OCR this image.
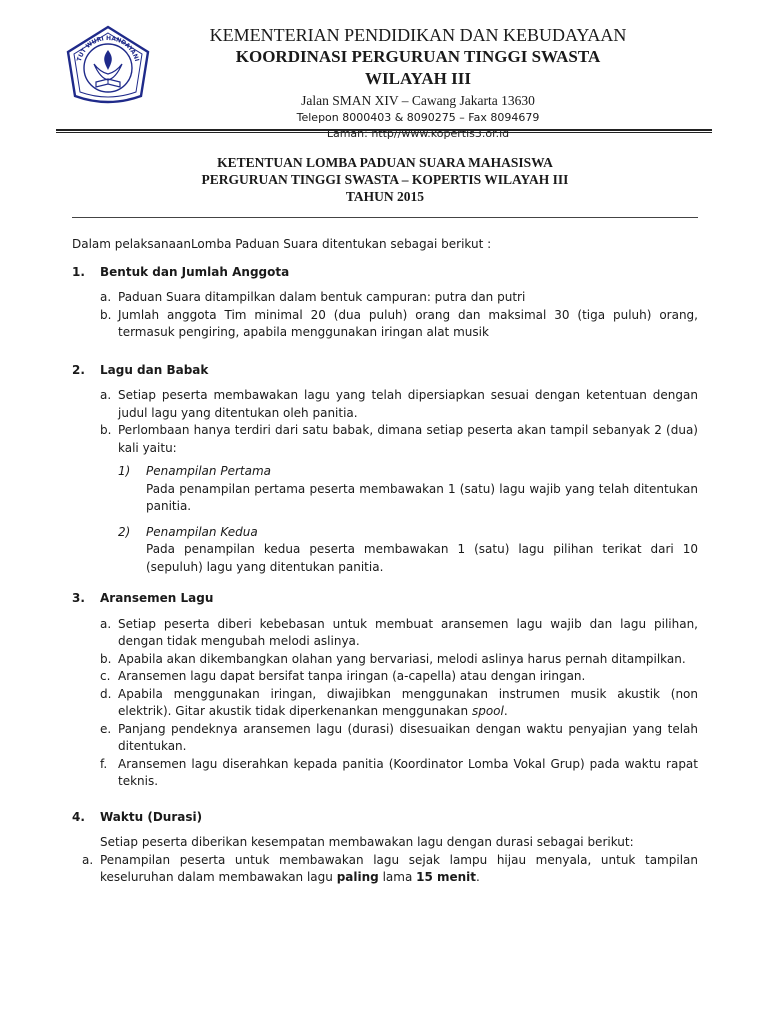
TUT WURI HANDAYANI
KEMENTERIAN PENDIDIKAN DAN KEBUDAYAAN
KOORDINASI PERGURUAN TINGGI SWASTA
WILAYAH III
Jalan SMAN XIV – Cawang Jakarta 13630
Telepon 8000403 & 8090275 – Fax 8094679
Laman: http//www.kopertis3.or.id
KETENTUAN LOMBA PADUAN SUARA MAHASISWA
PERGURUAN TINGGI SWASTA – KOPERTIS WILAYAH III
TAHUN 2015

Dalam pelaksanaanLomba Paduan Suara ditentukan sebagai berikut :

1.	Bentuk dan Jumlah Anggota
a. Paduan Suara ditampilkan dalam bentuk campuran: putra dan putri
b. Jumlah anggota Tim minimal 20 (dua puluh) orang dan maksimal 30 (tiga puluh) orang, termasuk pengiring, apabila menggunakan iringan alat musik
2.	Lagu dan Babak
a. Setiap peserta membawakan lagu yang telah dipersiapkan sesuai dengan ketentuan dengan judul lagu yang ditentukan oleh panitia.
b. Perlombaan hanya terdiri dari satu babak, dimana setiap peserta akan tampil sebanyak 2 (dua) kali yaitu:
1)	Penampilan Pertama
Pada penampilan pertama peserta membawakan 1 (satu) lagu wajib yang telah ditentukan panitia.
2)	Penampilan Kedua
Pada penampilan kedua peserta membawakan 1 (satu) lagu pilihan terikat dari 10 (sepuluh) lagu yang ditentukan panitia.
3.	Aransemen Lagu
a. Setiap peserta diberi kebebasan untuk membuat aransemen lagu wajib dan lagu pilihan, dengan tidak mengubah melodi aslinya.
b. Apabila akan dikembangkan olahan yang bervariasi, melodi aslinya harus pernah ditampilkan.
c. Aransemen lagu dapat bersifat tanpa iringan (a-capella) atau dengan iringan.
d. Apabila menggunakan iringan, diwajibkan menggunakan instrumen musik akustik (non elektrik). Gitar akustik tidak diperkenankan menggunakan spool.
e. Panjang pendeknya aransemen lagu (durasi) disesuaikan dengan waktu penyajian yang telah ditentukan.
f. Aransemen lagu diserahkan kepada panitia (Koordinator Lomba Vokal Grup) pada waktu rapat teknis.
4.	Waktu (Durasi)
Setiap peserta diberikan kesempatan membawakan lagu dengan durasi sebagai berikut:
a. Penampilan peserta untuk membawakan lagu sejak lampu hijau menyala, untuk tampilan keseluruhan dalam membawakan lagu paling lama 15 menit.
